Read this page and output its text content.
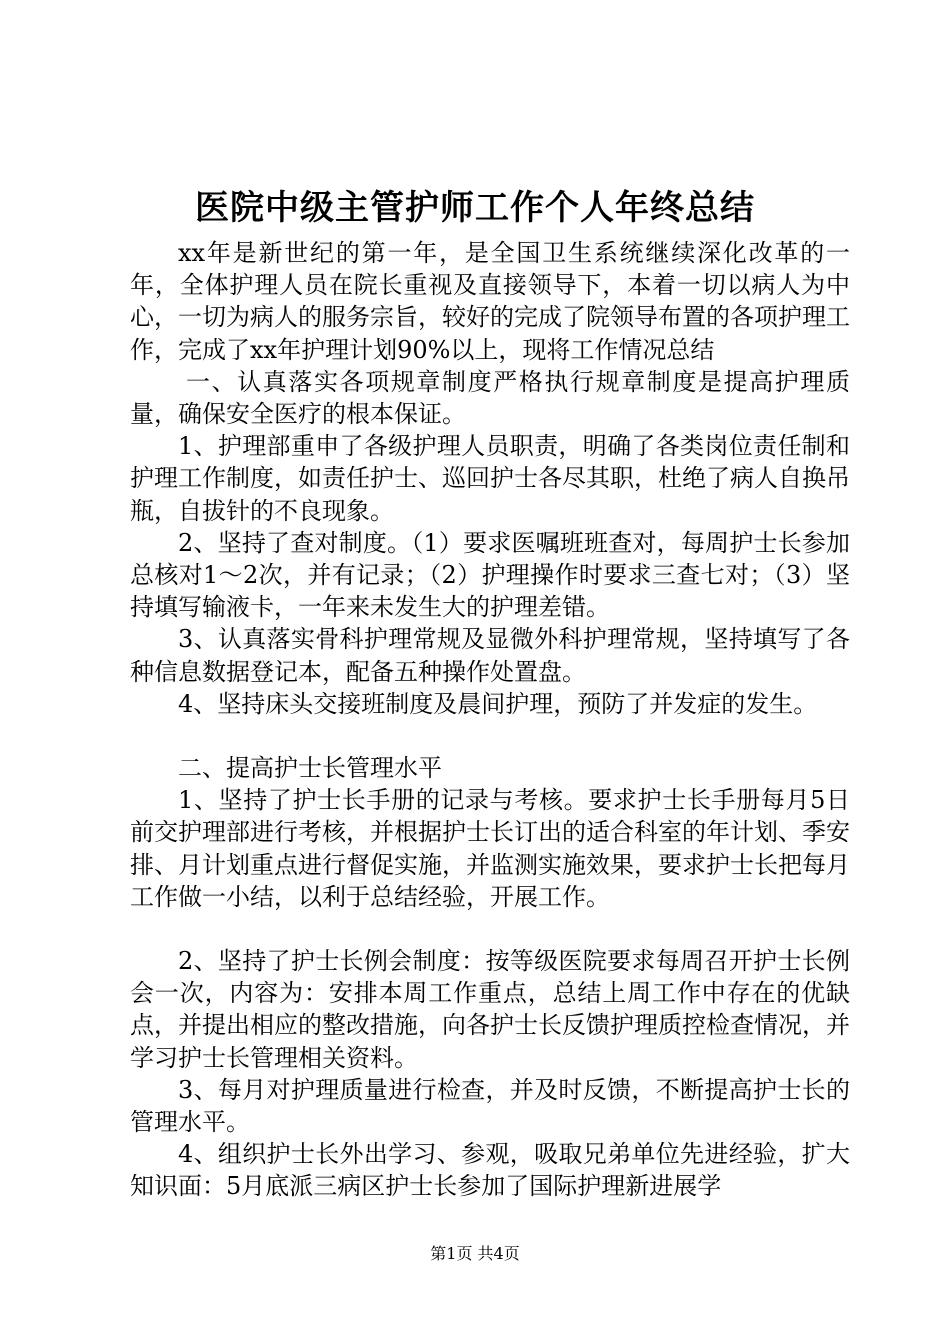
医院中级主管护师工作个人年终总结

xx年是新世纪的第一年，是全国卫生系统继续深化改革的一年，全体护理人员在院长重视及直接领导下，本着一切以病人为中心，一切为病人的服务宗旨，较好的完成了院领导布置的各项护理工作，完成了xx年护理计划90%以上，现将工作情况总结

一、认真落实各项规章制度严格执行规章制度是提高护理质量，确保安全医疗的根本保证。

1、护理部重申了各级护理人员职责，明确了各类岗位责任制和护理工作制度，如责任护士、巡回护士各尽其职，杜绝了病人自换吊瓶，自拔针的不良现象。

2、坚持了查对制度。（1）要求医嘱班班查对，每周护士长参加总核对1～2次，并有记录；（2）护理操作时要求三查七对；（3）坚持填写输液卡，一年来未发生大的护理差错。

3、认真落实骨科护理常规及显微外科护理常规，坚持填写了各种信息数据登记本，配备五种操作处置盘。

4、坚持床头交接班制度及晨间护理，预防了并发症的发生。

二、提高护士长管理水平

1、坚持了护士长手册的记录与考核。要求护士长手册每月5日前交护理部进行考核，并根据护士长订出的适合科室的年计划、季安排、月计划重点进行督促实施，并监测实施效果，要求护士长把每月工作做一小结，以利于总结经验，开展工作。

2、坚持了护士长例会制度：按等级医院要求每周召开护士长例会一次，内容为：安排本周工作重点，总结上周工作中存在的优缺点，并提出相应的整改措施，向各护士长反馈护理质控检查情况，并学习护士长管理相关资料。

3、每月对护理质量进行检查，并及时反馈，不断提高护士长的管理水平。

4、组织护士长外出学习、参观，吸取兄弟单位先进经验，扩大知识面：5月底派三病区护士长参加了国际护理新进展学

第1页 共4页
